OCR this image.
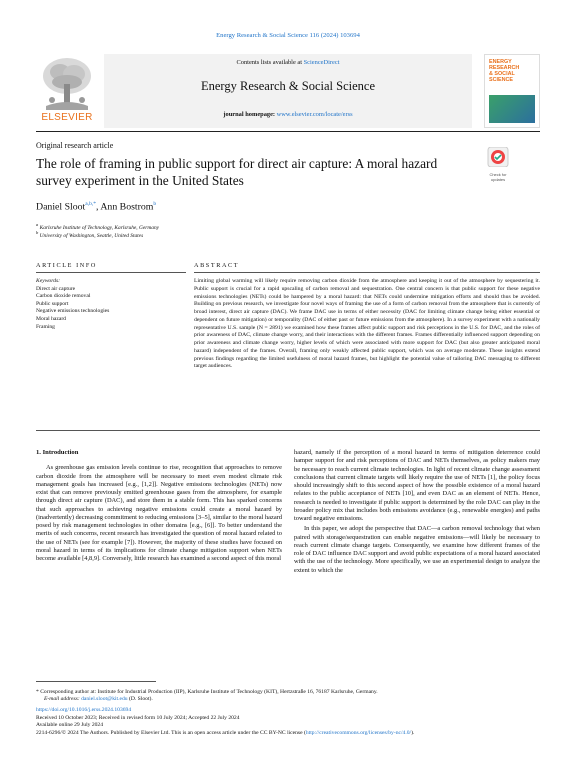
Energy Research & Social Science 116 (2024) 103694
ELSEVIER
Contents lists available at ScienceDirect
Energy Research & Social Science
journal homepage: www.elsevier.com/locate/erss
ENERGY
RESEARCH
& SOCIAL
SCIENCE
Original research article
The role of framing in public support for direct air capture: A moral hazard survey experiment in the United States	Check for updates
Daniel Sloot$^{a,b,*}$, Ann Bostrom$^b$
$^a$ Karlsruhe Institute of Technology, Karlsruhe, Germany
$^b$ University of Washington, Seattle, United States
ARTICLE INFO	ABSTRACT
Keywords:
Direct air capture
Carbon dioxide removal
Public support
Negative emissions technologies
Moral hazard
Framing
Limiting global warming will likely require removing carbon dioxide from the atmosphere and keeping it out of the atmosphere by sequestering it. Public support is crucial for a rapid upscaling of carbon removal and sequestration. One central concern is that public support for these negative emissions technologies (NETs) could be hampered by a moral hazard: that NETs could undermine mitigation efforts and should thus be avoided. Building on previous research, we investigate four novel ways of framing the use of a form of carbon removal from the atmosphere that is currently of broad interest, direct air capture (DAC). We frame DAC use in terms of either necessity (DAC for limiting climate change being either essential or dependent on future mitigation) or temporality (DAC of either past or future emissions from the atmosphere). In a survey experiment with a nationally representative U.S. sample (N = 2891) we examined how these frames affect public support and risk perceptions in the U.S. for DAC, and the roles of prior awareness of DAC, climate change worry, and their interactions with the different frames. Frames differentially influenced support depending on prior awareness and climate change worry, higher levels of which were associated with more support for DAC (but also greater anticipated moral hazard) independent of the frames. Overall, framing only weakly affected public support, which was on average moderate. These insights extend previous findings regarding the limited usefulness of moral hazard frames, but highlight the potential value of tailoring DAC messaging to different target audiences.
1. Introduction

As greenhouse gas emission levels continue to rise, recognition that approaches to remove carbon dioxide from the atmosphere will be necessary to meet even modest climate risk management goals has increased [e.g., [1,2]]. Negative emissions technologies (NETs) now exist that can remove previously emitted greenhouse gases from the atmosphere, for example through direct air capture (DAC), and store them in a stable form. This has sparked concerns that such approaches to achieving negative emissions could create a moral hazard by (inadvertently) decreasing commitment to reducing emissions [3–5], similar to the moral hazard posed by risk management technologies in other domains [e.g., [6]]. To better understand the merits of such concerns, recent research has investigated the question of moral hazard related to the use of NETs (see for example [7]). However, the majority of these studies have focused on moral hazard in terms of its implications for climate change mitigation support when NETs become available [4,8,9]. Conversely, little research has examined a second aspect of this moral

hazard, namely if the perception of a moral hazard in terms of mitigation deterrence could hamper support for and risk perceptions of DAC and NETs themselves, as policy makers may be necessary to reach current climate technologies. In light of recent climate change assessment conclusions that current climate targets will likely require the use of NETs [1], the policy focus should increasingly shift to this second aspect of how the possible existence of a moral hazard relates to the public acceptance of NETs [10], and even DAC as an element of NETs. Hence, research is needed to investigate if public support is determined by the role DAC can play in the broader policy mix that includes both emissions avoidance (e.g., renewable energies) and paths toward negative emissions.

In this paper, we adopt the perspective that DAC—a carbon removal technology that when paired with storage/sequestration can enable negative emissions—will likely be necessary to reach current climate change targets. Consequently, we examine how different frames of the role of DAC influence DAC support and avoid public expectations of a moral hazard associated with the use of the technology. More specifically, we use an experimental design to analyze the extent to which the

* Corresponding author at: Institute for Industrial Production (IIP), Karlsruhe Institute of Technology (KIT), Hertzstraße 16, 76187 Karlsruhe, Germany.
E-mail address: daniel.sloot@kit.edu (D. Sloot).
https://doi.org/10.1016/j.erss.2024.103694
Received 10 October 2023; Received in revised form 10 July 2024; Accepted 22 July 2024
Available online 29 July 2024
2214-6296/© 2024 The Authors. Published by Elsevier Ltd. This is an open access article under the CC BY-NC license (http://creativecommons.org/licenses/by-nc/4.0/).
